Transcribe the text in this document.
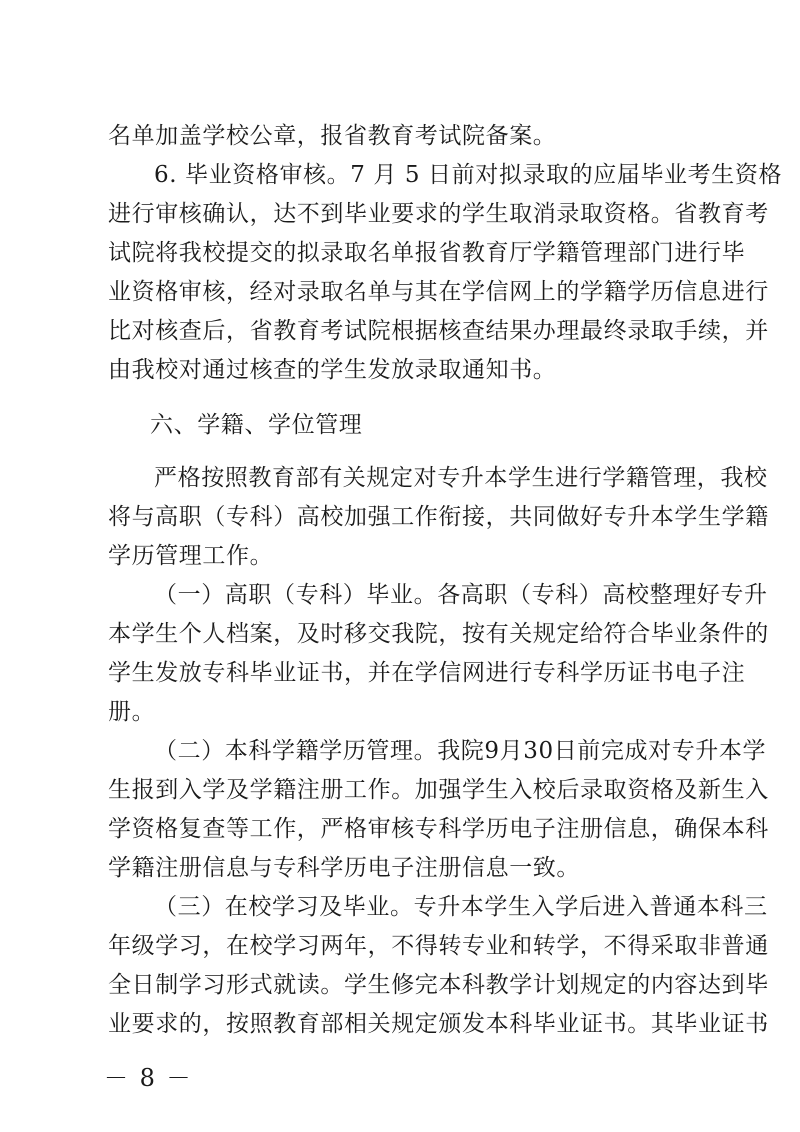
名单加盖学校公章，报省教育考试院备案。
6. 毕业资格审核。7 月 5 日前对拟录取的应届毕业考生资格
进行审核确认，达不到毕业要求的学生取消录取资格。省教育考
试院将我校提交的拟录取名单报省教育厅学籍管理部门进行毕
业资格审核，经对录取名单与其在学信网上的学籍学历信息进行
比对核查后，省教育考试院根据核查结果办理最终录取手续，并
由我校对通过核查的学生发放录取通知书。
六、学籍、学位管理
严格按照教育部有关规定对专升本学生进行学籍管理，我校
将与高职（专科）高校加强工作衔接，共同做好专升本学生学籍
学历管理工作。
（一）高职（专科）毕业。各高职（专科）高校整理好专升
本学生个人档案，及时移交我院，按有关规定给符合毕业条件的
学生发放专科毕业证书，并在学信网进行专科学历证书电子注
册。
（二）本科学籍学历管理。我院9月30日前完成对专升本学
生报到入学及学籍注册工作。加强学生入校后录取资格及新生入
学资格复查等工作，严格审核专科学历电子注册信息，确保本科
学籍注册信息与专科学历电子注册信息一致。
（三）在校学习及毕业。专升本学生入学后进入普通本科三
年级学习，在校学习两年，不得转专业和转学，不得采取非普通
全日制学习形式就读。学生修完本科教学计划规定的内容达到毕
业要求的，按照教育部相关规定颁发本科毕业证书。其毕业证书
－ 8 －
